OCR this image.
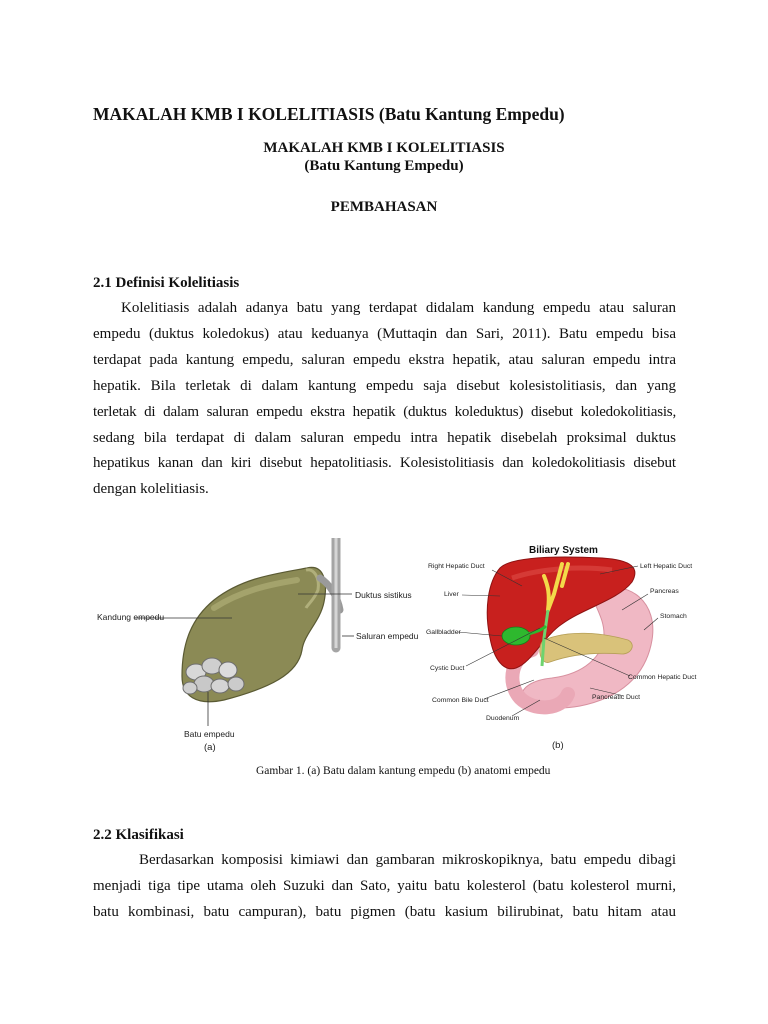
MAKALAH KMB I KOLELITIASIS (Batu Kantung Empedu)
MAKALAH KMB I KOLELITIASIS
(Batu Kantung Empedu)
PEMBAHASAN
2.1 Definisi Kolelitiasis
Kolelitiasis adalah adanya batu yang terdapat didalam kandung empedu atau saluran
empedu (duktus koledokus) atau keduanya (Muttaqin dan Sari, 2011). Batu empedu bisa
terdapat pada kantung empedu, saluran empedu ekstra hepatik, atau saluran empedu intra
hepatik. Bila terletak di dalam kantung empedu saja disebut kolesistolitiasis, dan yang
terletak di dalam saluran empedu ekstra hepatik (duktus koleduktus) disebut koledokolitiasis,
sedang bila terdapat di dalam saluran empedu intra hepatik disebelah proksimal duktus
hepatikus kanan dan kiri disebut hepatolitiasis. Kolesistolitiasis dan koledokolitiasis disebut
dengan kolelitiasis.
Kandung empedu
Duktus sistikus
Saluran empedu
Batu empedu
(a)
Biliary System
Right Hepatic Duct	Left Hepatic Duct
Liver	Pancreas
Stomach
Gallbladder
Cystic Duct
Common Hepatic Duct
Pancreatic Duct
Common Bile Duct
Duodenum
(b)
Gambar 1. (a) Batu dalam kantung empedu (b) anatomi empedu
2.2 Klasifikasi
Berdasarkan komposisi kimiawi dan gambaran mikroskopiknya, batu empedu dibagi
menjadi tiga tipe utama oleh Suzuki dan Sato, yaitu batu kolesterol (batu kolesterol murni,
batu kombinasi, batu campuran), batu pigmen (batu kasium bilirubinat, batu hitam atau
